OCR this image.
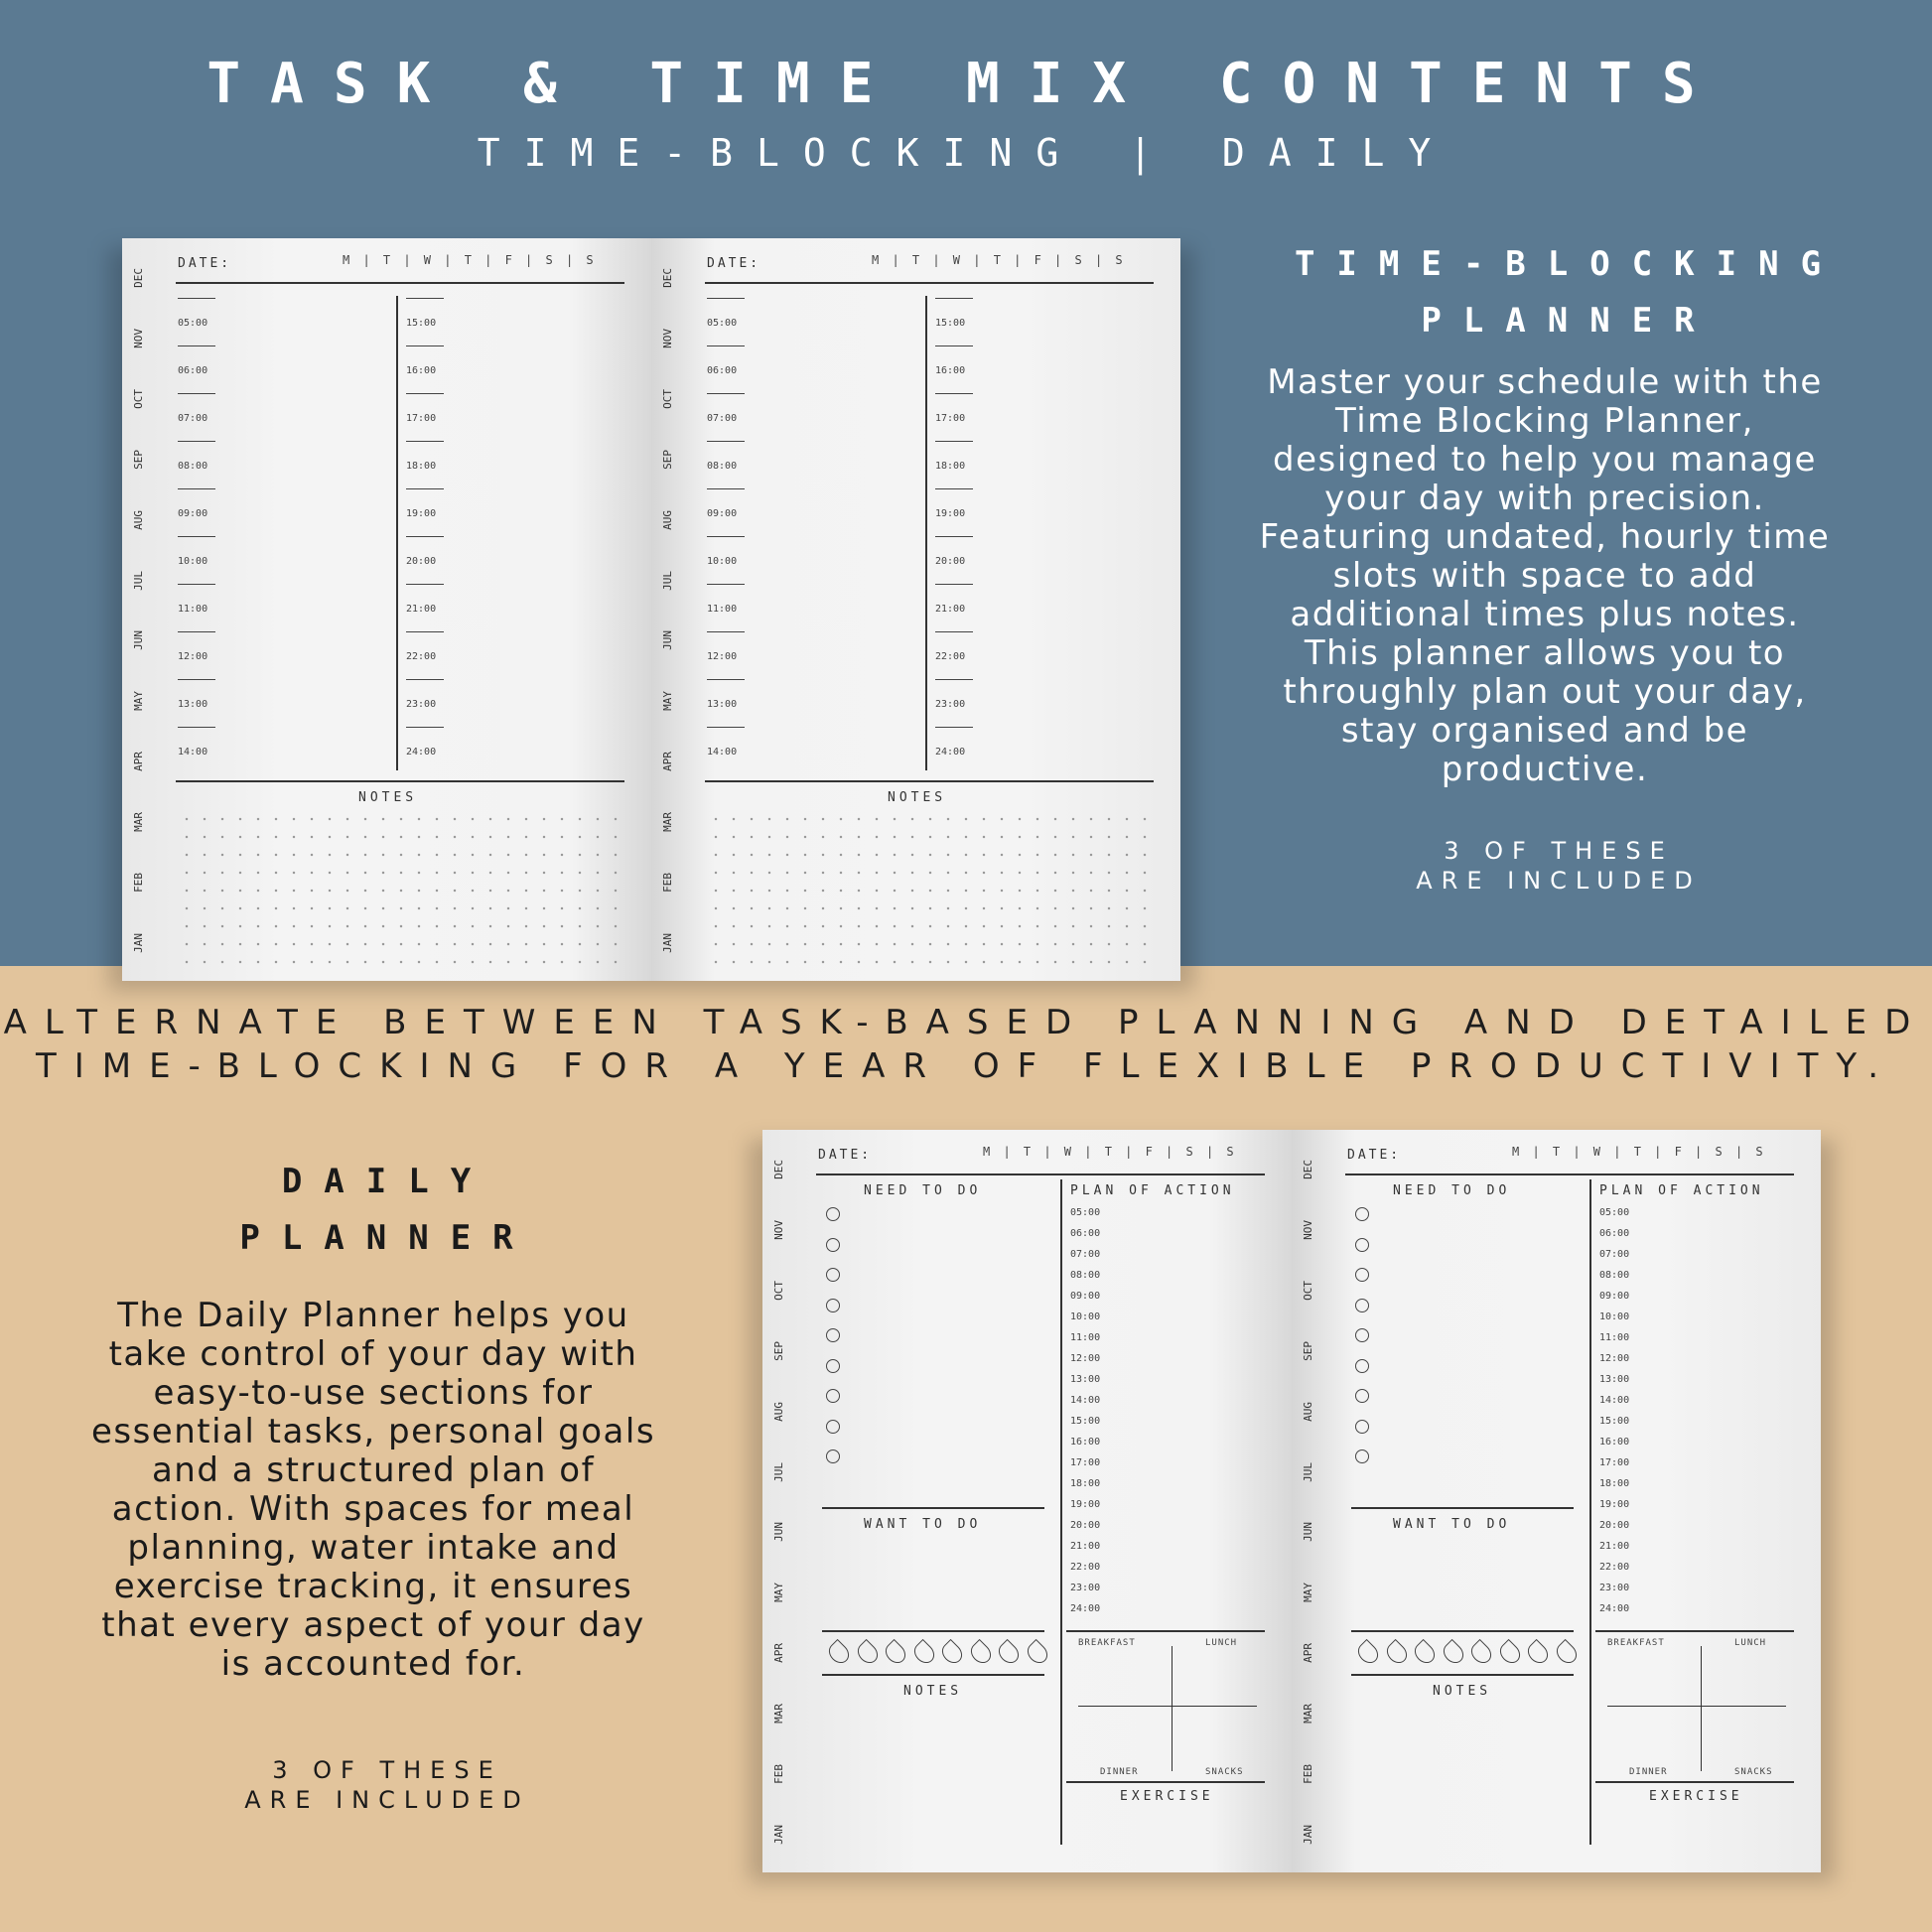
TASK & TIME MIX CONTENTS
TIME-BLOCKING | DAILY
JAN
FEB
MAR
APR
MAY
JUN
JUL
AUG
SEP
OCT
NOV
DEC
DATE:	M | T | W | T | F | S | S
05:00
06:00
07:00
08:00
09:00
10:00
11:00
12:00
13:00
14:00
15:00
16:00
17:00
18:00
19:00
20:00
21:00
22:00
23:00
24:00
NOTES
JAN
FEB
MAR
APR
MAY
JUN
JUL
AUG
SEP
OCT
NOV
DEC
DATE:	M | T | W | T | F | S | S
05:00
06:00
07:00
08:00
09:00
10:00
11:00
12:00
13:00
14:00
15:00
16:00
17:00
18:00
19:00
20:00
21:00
22:00
23:00
24:00
NOTES
TIME-BLOCKING
PLANNER
Master your schedule with the Time Blocking Planner, designed to help you manage your day with precision. Featuring undated, hourly time slots with space to add additional times plus notes. This planner allows you to throughly plan out your day, stay organised and be productive.
3 OF THESE
ARE INCLUDED
ALTERNATE BETWEEN TASK-BASED PLANNING AND DETAILED
TIME-BLOCKING FOR A YEAR OF FLEXIBLE PRODUCTIVITY.
DAILY
PLANNER
The Daily Planner helps you take control of your day with easy-to-use sections for essential tasks, personal goals and a structured plan of action. With spaces for meal planning, water intake and exercise tracking, it ensures that every aspect of your day is accounted for.
3 OF THESE
ARE INCLUDED
JAN
FEB
MAR
APR
MAY
JUN
JUL
AUG
SEP
OCT
NOV
DEC
DATE:	M | T | W | T | F | S | S
NEED TO DO	PLAN OF ACTION
WANT TO DO
NOTES
05:00
06:00
07:00
08:00
09:00
10:00
11:00
12:00
13:00
14:00
15:00
16:00
17:00
18:00
19:00
20:00
21:00
22:00
23:00
24:00
BREAKFAST	LUNCH
DINNER	SNACKS
EXERCISE
JAN
FEB
MAR
APR
MAY
JUN
JUL
AUG
SEP
OCT
NOV
DEC
DATE:	M | T | W | T | F | S | S
NEED TO DO	PLAN OF ACTION
WANT TO DO
NOTES
05:00
06:00
07:00
08:00
09:00
10:00
11:00
12:00
13:00
14:00
15:00
16:00
17:00
18:00
19:00
20:00
21:00
22:00
23:00
24:00
BREAKFAST	LUNCH
DINNER	SNACKS
EXERCISE
